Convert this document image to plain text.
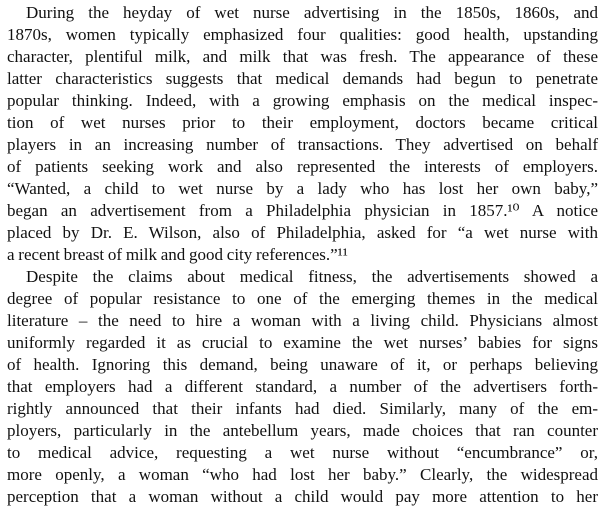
During the heyday of wet nurse advertising in the 1850s, 1860s, and
1870s, women typically emphasized four qualities: good health, upstanding
character, plentiful milk, and milk that was fresh. The appearance of these
latter characteristics suggests that medical demands had begun to penetrate
popular thinking. Indeed, with a growing emphasis on the medical inspec-
tion of wet nurses prior to their employment, doctors became critical
players in an increasing number of transactions. They advertised on behalf
of patients seeking work and also represented the interests of employers.
“Wanted, a child to wet nurse by a lady who has lost her own baby,”
began an advertisement from a Philadelphia physician in 1857.¹⁰ A notice
placed by Dr. E. Wilson, also of Philadelphia, asked for “a wet nurse with
a recent breast of milk and good city references.”¹¹
Despite the claims about medical fitness, the advertisements showed a
degree of popular resistance to one of the emerging themes in the medical
literature – the need to hire a woman with a living child. Physicians almost
uniformly regarded it as crucial to examine the wet nurses’ babies for signs
of health. Ignoring this demand, being unaware of it, or perhaps believing
that employers had a different standard, a number of the advertisers forth-
rightly announced that their infants had died. Similarly, many of the em-
ployers, particularly in the antebellum years, made choices that ran counter
to medical advice, requesting a wet nurse without “encumbrance” or,
more openly, a woman “who had lost her baby.” Clearly, the widespread
perception that a woman without a child would pay more attention to her
